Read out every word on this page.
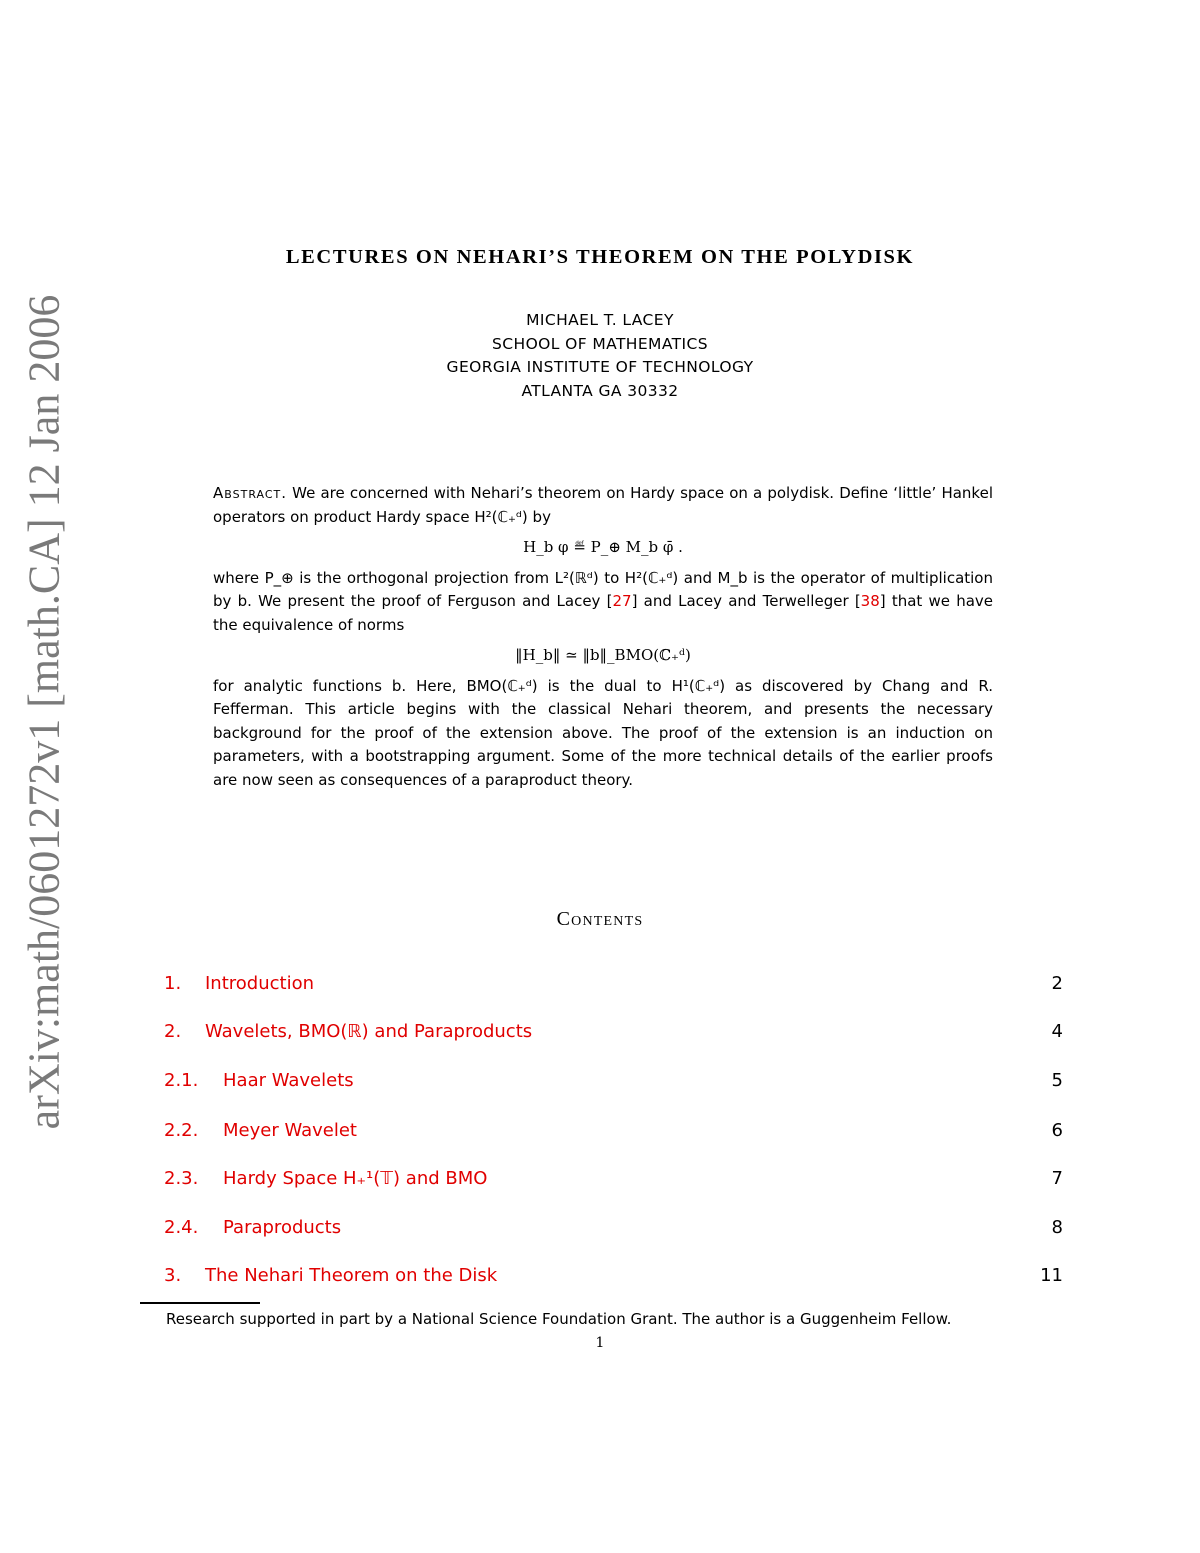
arXiv:math/0601272v1 [math.CA] 12 Jan 2006
LECTURES ON NEHARI’S THEOREM ON THE POLYDISK
MICHAEL T. LACEY
SCHOOL OF MATHEMATICS
GEORGIA INSTITUTE OF TECHNOLOGY
ATLANTA GA 30332

Abstract. We are concerned with Nehari’s theorem on Hardy space on a polydisk. Define ‘little’ Hankel operators on product Hardy space H²(ℂ₊ᵈ) by

H_b φ ≝ P_⊕ M_b φ̄ .

where P_⊕ is the orthogonal projection from L²(ℝᵈ) to H²(ℂ₊ᵈ) and M_b is the operator of multiplication by b. We present the proof of Ferguson and Lacey [27] and Lacey and Terwelleger [38] that we have the equivalence of norms

‖H_b‖ ≃ ‖b‖_BMO(ℂ₊ᵈ)

for analytic functions b. Here, BMO(ℂ₊ᵈ) is the dual to H¹(ℂ₊ᵈ) as discovered by Chang and R. Fefferman. This article begins with the classical Nehari theorem, and presents the necessary background for the proof of the extension above. The proof of the extension is an induction on parameters, with a bootstrapping argument. Some of the more technical details of the earlier proofs are now seen as consequences of a paraproduct theory.

Contents
1. Introduction	2
2. Wavelets, BMO(ℝ) and Paraproducts	4
2.1. Haar Wavelets	5
2.2. Meyer Wavelet	6
2.3. Hardy Space H₊¹(𝕋) and BMO	7
2.4. Paraproducts	8
3. The Nehari Theorem on the Disk	11
Research supported in part by a National Science Foundation Grant. The author is a Guggenheim Fellow.
1
